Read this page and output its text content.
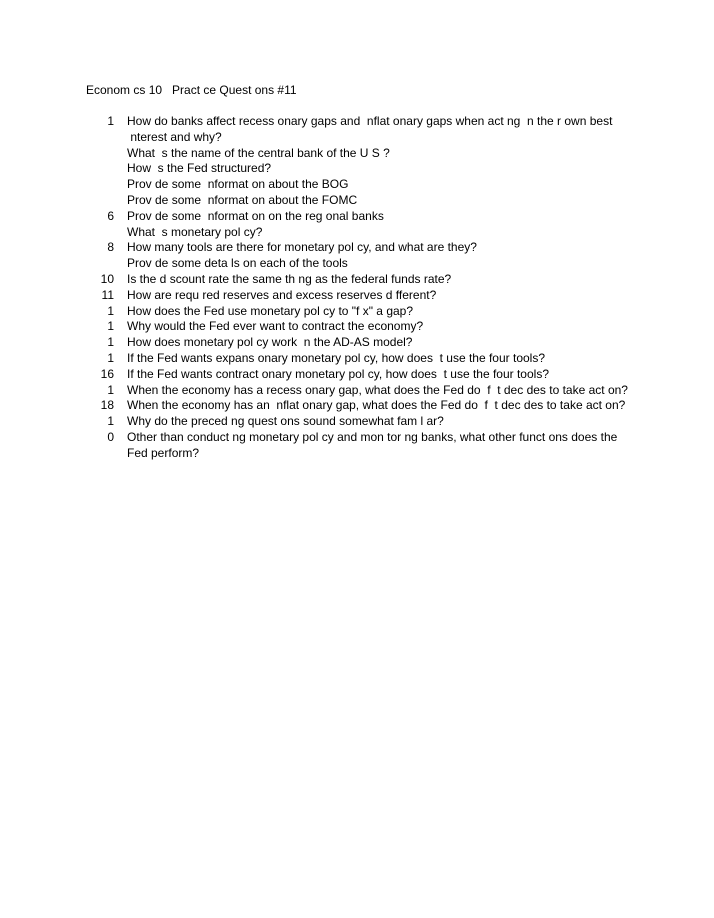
Econom cs 10   Pract ce Quest ons #11
1	How do banks affect recess onary gaps and  nflat onary gaps when act ng  n the r own best
nterest and why?
What  s the name of the central bank of the U S ?
How  s the Fed structured?
Prov de some  nformat on about the BOG
Prov de some  nformat on about the FOMC
6	Prov de some  nformat on on the reg onal banks
What  s monetary pol cy?
8	How many tools are there for monetary pol cy, and what are they?
Prov de some deta ls on each of the tools
10	Is the d scount rate the same th ng as the federal funds rate?
11	How are requ red reserves and excess reserves d fferent?
1	How does the Fed use monetary pol cy to "f x" a gap?
1	Why would the Fed ever want to contract the economy?
1	How does monetary pol cy work  n the AD-AS model?
1	If the Fed wants expans onary monetary pol cy, how does  t use the four tools?
16	If the Fed wants contract onary monetary pol cy, how does  t use the four tools?
1	When the economy has a recess onary gap, what does the Fed do  f  t dec des to take act on?
18	When the economy has an  nflat onary gap, what does the Fed do  f  t dec des to take act on?
1	Why do the preced ng quest ons sound somewhat fam l ar?
0	Other than conduct ng monetary pol cy and mon tor ng banks, what other funct ons does the
Fed perform?
